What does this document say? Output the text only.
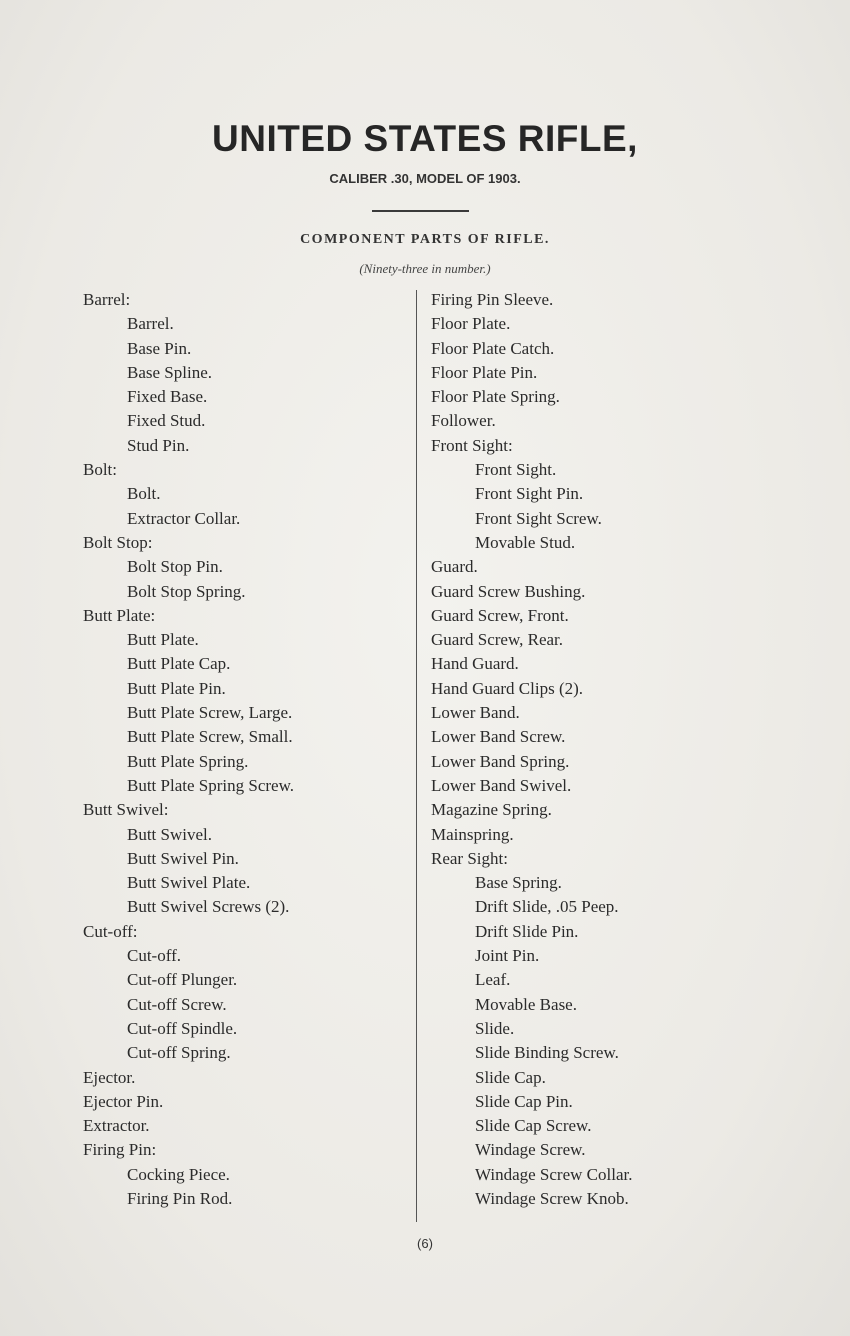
UNITED STATES RIFLE,
CALIBER .30, MODEL OF 1903.
COMPONENT PARTS OF RIFLE.
(Ninety-three in number.)
Barrel:
Barrel.
Base Pin.
Base Spline.
Fixed Base.
Fixed Stud.
Stud Pin.
Bolt:
Bolt.
Extractor Collar.
Bolt Stop:
Bolt Stop Pin.
Bolt Stop Spring.
Butt Plate:
Butt Plate.
Butt Plate Cap.
Butt Plate Pin.
Butt Plate Screw, Large.
Butt Plate Screw, Small.
Butt Plate Spring.
Butt Plate Spring Screw.
Butt Swivel:
Butt Swivel.
Butt Swivel Pin.
Butt Swivel Plate.
Butt Swivel Screws (2).
Cut-off:
Cut-off.
Cut-off Plunger.
Cut-off Screw.
Cut-off Spindle.
Cut-off Spring.
Ejector.
Ejector Pin.
Extractor.
Firing Pin:
Cocking Piece.
Firing Pin Rod.
Firing Pin Sleeve.
Floor Plate.
Floor Plate Catch.
Floor Plate Pin.
Floor Plate Spring.
Follower.
Front Sight:
Front Sight.
Front Sight Pin.
Front Sight Screw.
Movable Stud.
Guard.
Guard Screw Bushing.
Guard Screw, Front.
Guard Screw, Rear.
Hand Guard.
Hand Guard Clips (2).
Lower Band.
Lower Band Screw.
Lower Band Spring.
Lower Band Swivel.
Magazine Spring.
Mainspring.
Rear Sight:
Base Spring.
Drift Slide, .05 Peep.
Drift Slide Pin.
Joint Pin.
Leaf.
Movable Base.
Slide.
Slide Binding Screw.
Slide Cap.
Slide Cap Pin.
Slide Cap Screw.
Windage Screw.
Windage Screw Collar.
Windage Screw Knob.
(6)
